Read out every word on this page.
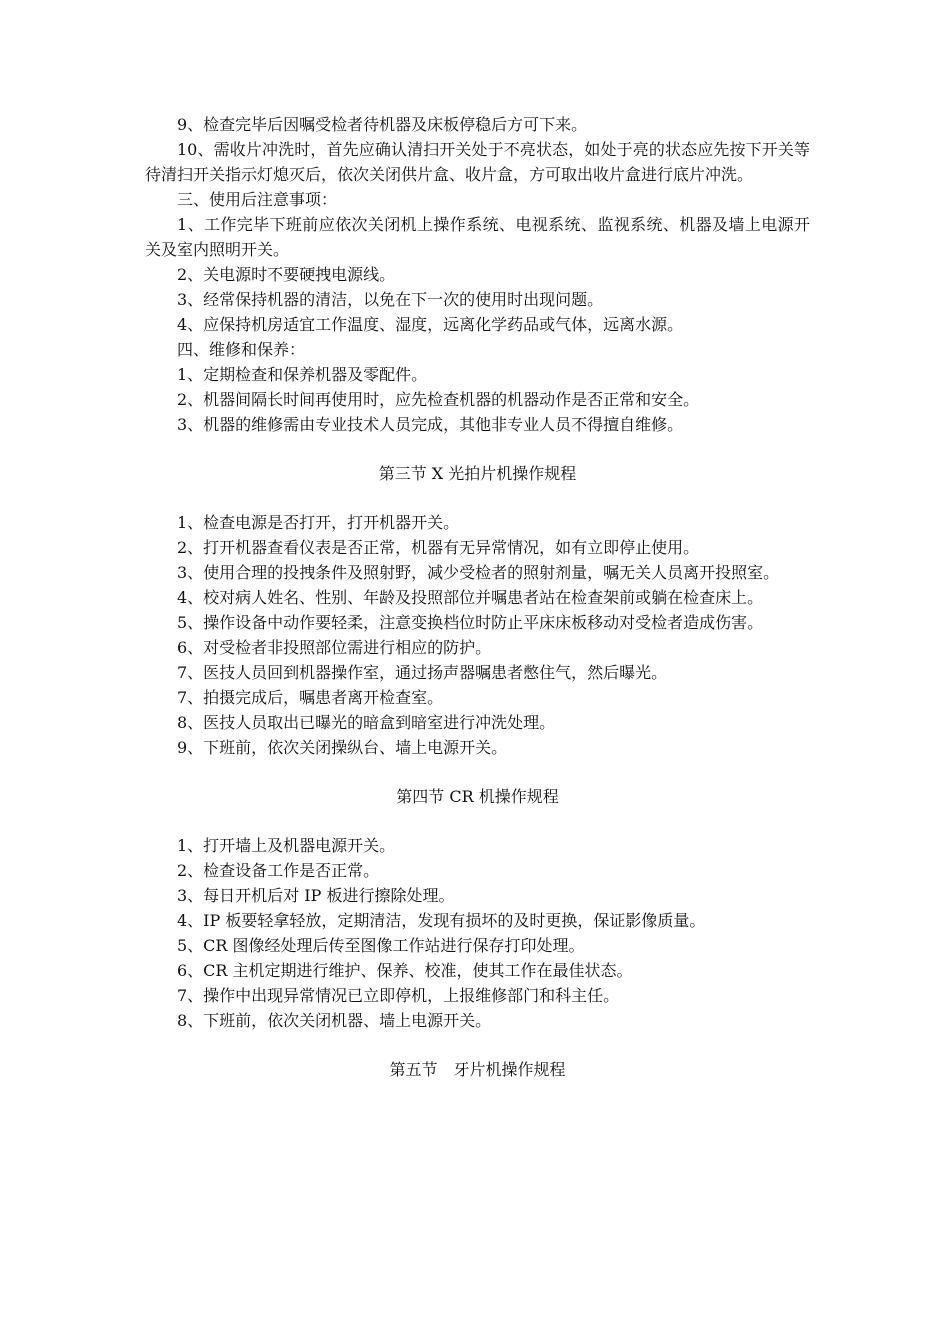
9、检查完毕后因嘱受检者待机器及床板停稳后方可下来。

10、需收片冲洗时，首先应确认清扫开关处于不亮状态，如处于亮的状态应先按下开关等待清扫开关指示灯熄灭后，依次关闭供片盒、收片盒，方可取出收片盒进行底片冲洗。

三、使用后注意事项：

1、工作完毕下班前应依次关闭机上操作系统、电视系统、监视系统、机器及墙上电源开关及室内照明开关。

2、关电源时不要硬拽电源线。

3、经常保持机器的清洁，以免在下一次的使用时出现问题。

4、应保持机房适宜工作温度、湿度，远离化学药品或气体，远离水源。

四、维修和保养：

1、定期检查和保养机器及零配件。

2、机器间隔长时间再使用时，应先检查机器的机器动作是否正常和安全。

3、机器的维修需由专业技术人员完成，其他非专业人员不得擅自维修。

第三节 X 光拍片机操作规程

1、检查电源是否打开，打开机器开关。

2、打开机器查看仪表是否正常，机器有无异常情况，如有立即停止使用。

3、使用合理的投拽条件及照射野，减少受检者的照射剂量，嘱无关人员离开投照室。

4、校对病人姓名、性别、年龄及投照部位并嘱患者站在检查架前或躺在检查床上。

5、操作设备中动作要轻柔，注意变换档位时防止平床床板移动对受检者造成伤害。

6、对受检者非投照部位需进行相应的防护。

7、医技人员回到机器操作室，通过扬声器嘱患者憋住气，然后曝光。

7、拍摄完成后，嘱患者离开检查室。

8、医技人员取出已曝光的暗盒到暗室进行冲洗处理。

9、下班前，依次关闭操纵台、墙上电源开关。

第四节 CR 机操作规程

1、打开墙上及机器电源开关。

2、检查设备工作是否正常。

3、每日开机后对 IP 板进行擦除处理。

4、IP 板要轻拿轻放，定期清洁，发现有损坏的及时更换，保证影像质量。

5、CR 图像经处理后传至图像工作站进行保存打印处理。

6、CR 主机定期进行维护、保养、校准，使其工作在最佳状态。

7、操作中出现异常情况已立即停机，上报维修部门和科主任。

8、下班前，依次关闭机器、墙上电源开关。

第五节　牙片机操作规程
